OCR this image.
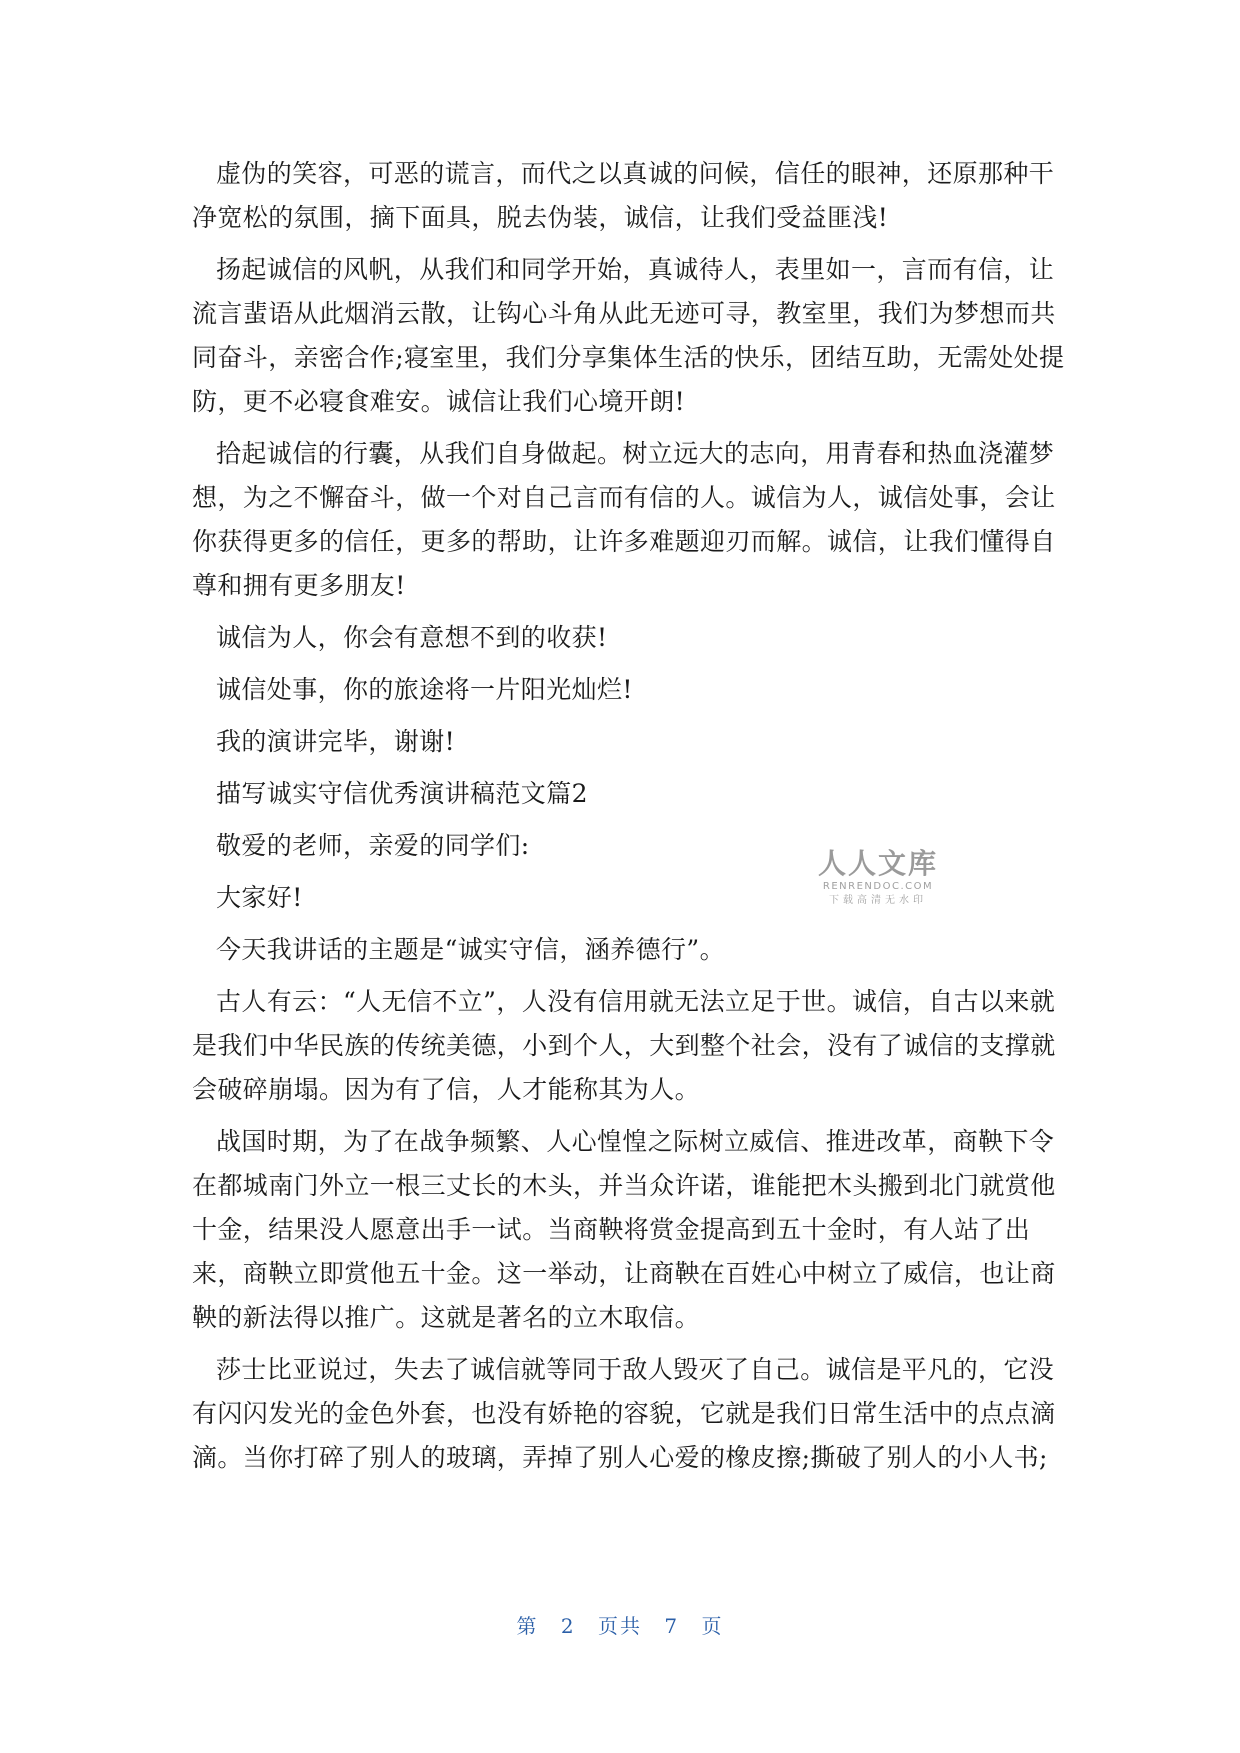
虚伪的笑容，可恶的谎言，而代之以真诚的问候，信任的眼神，还原那种干
净宽松的氛围，摘下面具，脱去伪装，诚信，让我们受益匪浅!

扬起诚信的风帆，从我们和同学开始，真诚待人，表里如一，言而有信，让
流言蜚语从此烟消云散，让钩心斗角从此无迹可寻，教室里，我们为梦想而共
同奋斗，亲密合作;寝室里，我们分享集体生活的快乐，团结互助，无需处处提
防，更不必寝食难安。诚信让我们心境开朗!

拾起诚信的行囊，从我们自身做起。树立远大的志向，用青春和热血浇灌梦
想，为之不懈奋斗，做一个对自己言而有信的人。诚信为人，诚信处事，会让
你获得更多的信任，更多的帮助，让许多难题迎刃而解。诚信，让我们懂得自
尊和拥有更多朋友!

诚信为人，你会有意想不到的收获!

诚信处事，你的旅途将一片阳光灿烂!

我的演讲完毕，谢谢!

描写诚实守信优秀演讲稿范文篇2

敬爱的老师，亲爱的同学们:

大家好!

今天我讲话的主题是“诚实守信，涵养德行”。

古人有云：“人无信不立”，人没有信用就无法立足于世。诚信，自古以来就
是我们中华民族的传统美德，小到个人，大到整个社会，没有了诚信的支撑就
会破碎崩塌。因为有了信，人才能称其为人。

战国时期，为了在战争频繁、人心惶惶之际树立威信、推进改革，商鞅下令
在都城南门外立一根三丈长的木头，并当众许诺，谁能把木头搬到北门就赏他
十金，结果没人愿意出手一试。当商鞅将赏金提高到五十金时，有人站了出
来，商鞅立即赏他五十金。这一举动，让商鞅在百姓心中树立了威信，也让商
鞅的新法得以推广。这就是著名的立木取信。

莎士比亚说过，失去了诚信就等同于敌人毁灭了自己。诚信是平凡的，它没
有闪闪发光的金色外套，也没有娇艳的容貌，它就是我们日常生活中的点点滴
滴。当你打碎了别人的玻璃，弄掉了别人心爱的橡皮擦;撕破了别人的小人书;

人人文库
RENRENDOC.COM
下载高清无水印
第 2 页共 7 页
